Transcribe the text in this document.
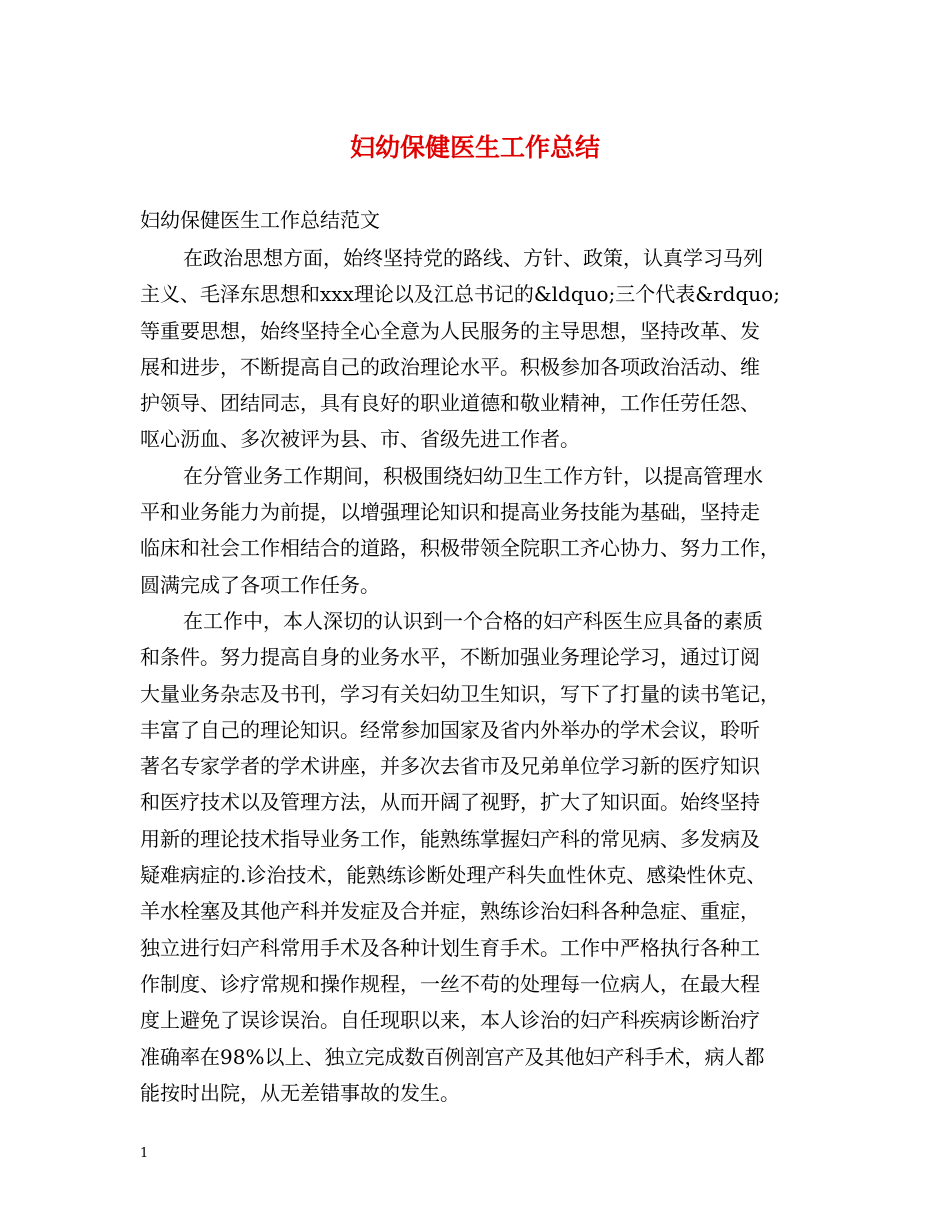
妇幼保健医生工作总结
妇幼保健医生工作总结范文
在政治思想方面，始终坚持党的路线、方针、政策，认真学习马列
主义、毛泽东思想和xxx理论以及江总书记的&ldquo;三个代表&rdquo;
等重要思想，始终坚持全心全意为人民服务的主导思想，坚持改革、发
展和进步，不断提高自己的政治理论水平。积极参加各项政治活动、维
护领导、团结同志，具有良好的职业道德和敬业精神，工作任劳任怨、
呕心沥血、多次被评为县、市、省级先进工作者。
在分管业务工作期间，积极围绕妇幼卫生工作方针，以提高管理水
平和业务能力为前提，以增强理论知识和提高业务技能为基础，坚持走
临床和社会工作相结合的道路，积极带领全院职工齐心协力、努力工作，
圆满完成了各项工作任务。
在工作中，本人深切的认识到一个合格的妇产科医生应具备的素质
和条件。努力提高自身的业务水平，不断加强业务理论学习，通过订阅
大量业务杂志及书刊，学习有关妇幼卫生知识，写下了打量的读书笔记，
丰富了自己的理论知识。经常参加国家及省内外举办的学术会议，聆听
著名专家学者的学术讲座，并多次去省市及兄弟单位学习新的医疗知识
和医疗技术以及管理方法，从而开阔了视野，扩大了知识面。始终坚持
用新的理论技术指导业务工作，能熟练掌握妇产科的常见病、多发病及
疑难病症的.诊治技术，能熟练诊断处理产科失血性休克、感染性休克、
羊水栓塞及其他产科并发症及合并症，熟练诊治妇科各种急症、重症，
独立进行妇产科常用手术及各种计划生育手术。工作中严格执行各种工
作制度、诊疗常规和操作规程，一丝不苟的处理每一位病人，在最大程
度上避免了误诊误治。自任现职以来，本人诊治的妇产科疾病诊断治疗
准确率在98%以上、独立完成数百例剖宫产及其他妇产科手术，病人都
能按时出院，从无差错事故的发生。
1
